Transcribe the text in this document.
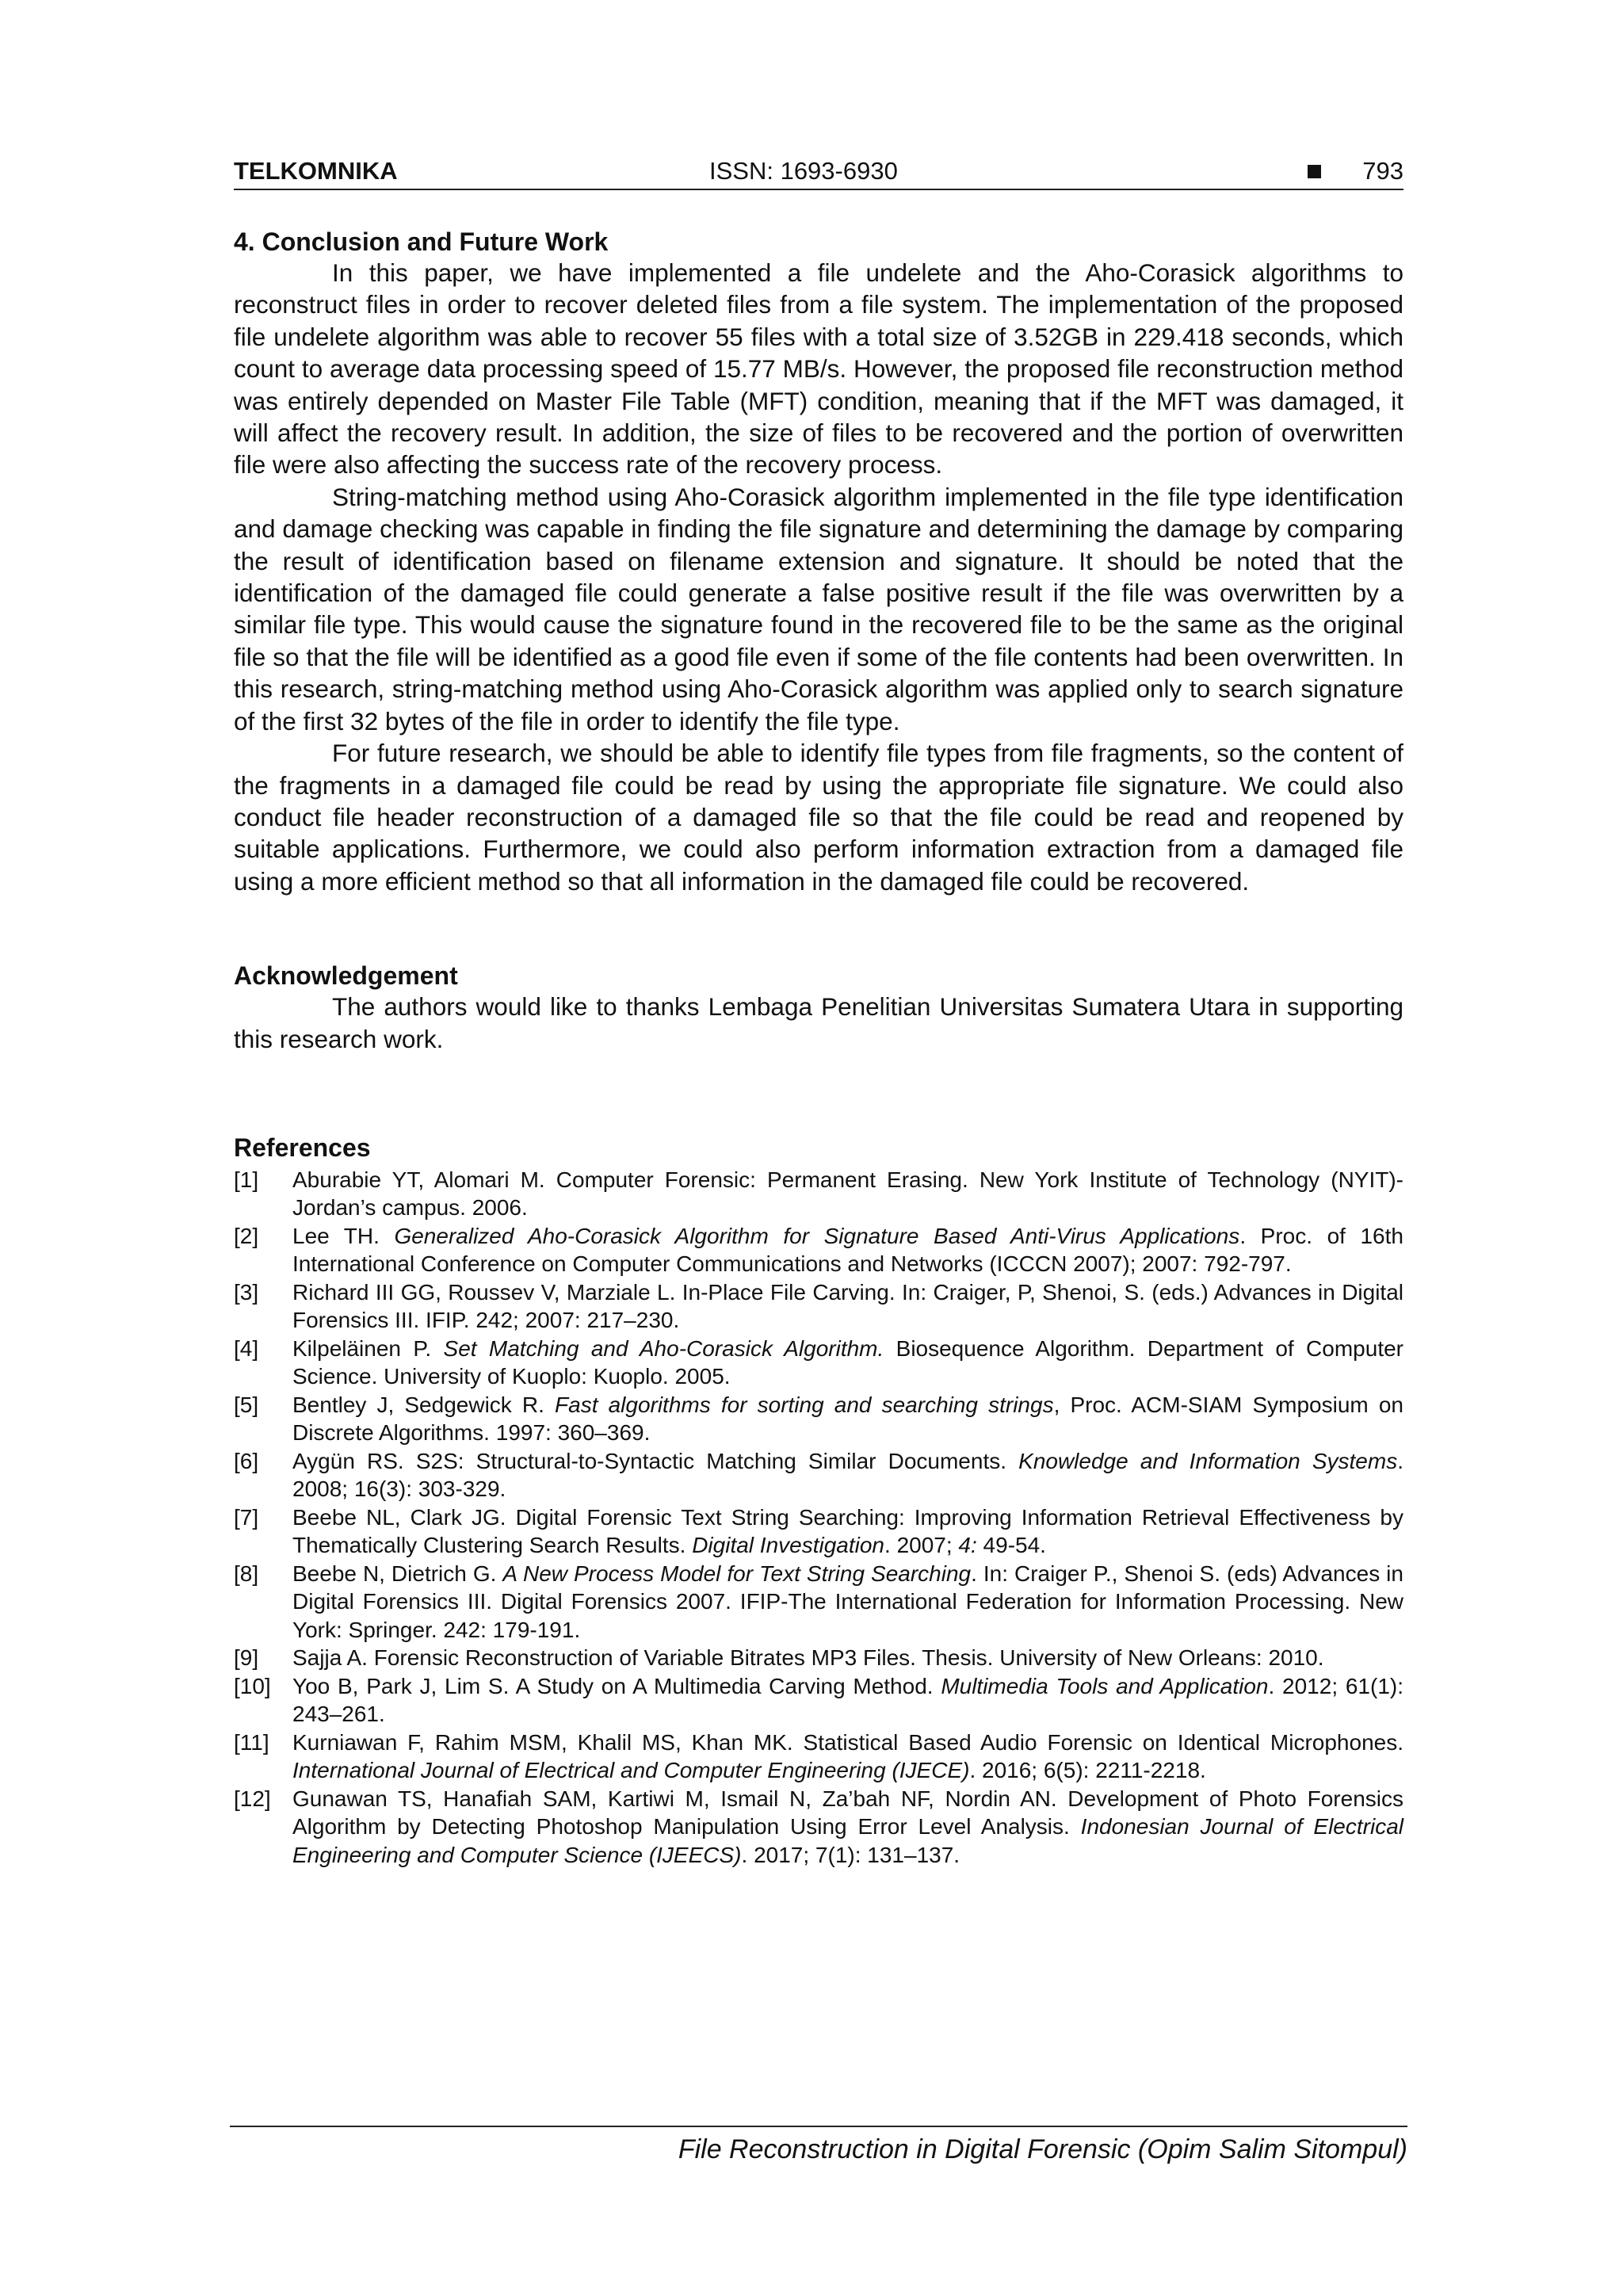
TELKOMNIKA	ISSN: 1693-6930	793
4. Conclusion and Future Work

In this paper, we have implemented a file undelete and the Aho-Corasick algorithms to reconstruct files in order to recover deleted files from a file system. The implementation of the proposed file undelete algorithm was able to recover 55 files with a total size of 3.52GB in 229.418 seconds, which count to average data processing speed of 15.77 MB/s. However, the proposed file reconstruction method was entirely depended on Master File Table (MFT) condition, meaning that if the MFT was damaged, it will affect the recovery result. In addition, the size of files to be recovered and the portion of overwritten file were also affecting the success rate of the recovery process.

String-matching method using Aho-Corasick algorithm implemented in the file type identification and damage checking was capable in finding the file signature and determining the damage by comparing the result of identification based on filename extension and signature. It should be noted that the identification of the damaged file could generate a false positive result if the file was overwritten by a similar file type. This would cause the signature found in the recovered file to be the same as the original file so that the file will be identified as a good file even if some of the file contents had been overwritten. In this research, string-matching method using Aho-Corasick algorithm was applied only to search signature of the first 32 bytes of the file in order to identify the file type.

For future research, we should be able to identify file types from file fragments, so the content of the fragments in a damaged file could be read by using the appropriate file signature. We could also conduct file header reconstruction of a damaged file so that the file could be read and reopened by suitable applications. Furthermore, we could also perform information extraction from a damaged file using a more efficient method so that all information in the damaged file could be recovered.

Acknowledgement

The authors would like to thanks Lembaga Penelitian Universitas Sumatera Utara in supporting this research work.

References
[1]	Aburabie YT, Alomari M. Computer Forensic: Permanent Erasing. New York Institute of Technology (NYIT)-Jordan’s campus. 2006.
[2]	Lee TH. Generalized Aho-Corasick Algorithm for Signature Based Anti-Virus Applications. Proc. of 16th International Conference on Computer Communications and Networks (ICCCN 2007); 2007: 792-797.
[3]	Richard III GG, Roussev V, Marziale L. In-Place File Carving. In: Craiger, P, Shenoi, S. (eds.) Advances in Digital Forensics III. IFIP. 242; 2007: 217–230.
[4]	Kilpeläinen P. Set Matching and Aho-Corasick Algorithm. Biosequence Algorithm. Department of Computer Science. University of Kuoplo: Kuoplo. 2005.
[5]	Bentley J, Sedgewick R. Fast algorithms for sorting and searching strings, Proc. ACM-SIAM Symposium on Discrete Algorithms. 1997: 360–369.
[6]	Aygün RS. S2S: Structural-to-Syntactic Matching Similar Documents. Knowledge and Information Systems. 2008; 16(3): 303-329.
[7]	Beebe NL, Clark JG. Digital Forensic Text String Searching: Improving Information Retrieval Effectiveness by Thematically Clustering Search Results. Digital Investigation. 2007; 4: 49-54.
[8]	Beebe N, Dietrich G. A New Process Model for Text String Searching. In: Craiger P., Shenoi S. (eds) Advances in Digital Forensics III. Digital Forensics 2007. IFIP-The International Federation for Information Processing. New York: Springer. 242: 179-191.
[9]	Sajja A. Forensic Reconstruction of Variable Bitrates MP3 Files. Thesis. University of New Orleans: 2010.
[10] Yoo B, Park J, Lim S. A Study on A Multimedia Carving Method. Multimedia Tools and Application. 2012; 61(1): 243–261.
[11]	Kurniawan F, Rahim MSM, Khalil MS, Khan MK. Statistical Based Audio Forensic on Identical Microphones. International Journal of Electrical and Computer Engineering (IJECE). 2016; 6(5): 2211-2218.
[12] Gunawan TS, Hanafiah SAM, Kartiwi M, Ismail N, Za’bah NF, Nordin AN. Development of Photo Forensics Algorithm by Detecting Photoshop Manipulation Using Error Level Analysis. Indonesian Journal of Electrical Engineering and Computer Science (IJEECS). 2017; 7(1): 131–137.
File Reconstruction in Digital Forensic (Opim Salim Sitompul)
